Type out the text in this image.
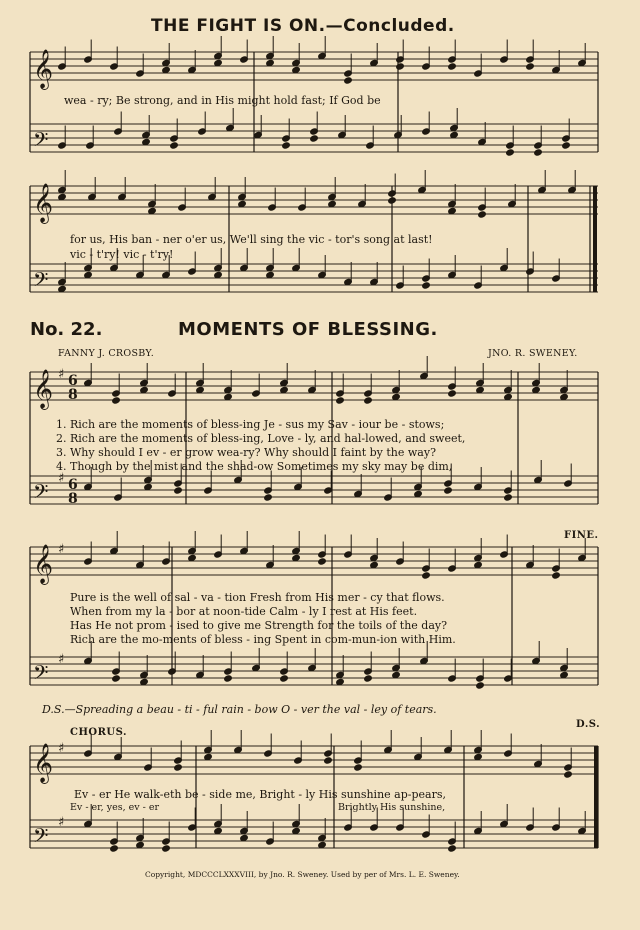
𝄞
𝄢
𝄞
𝄢
𝄞
𝄢
𝄞
𝄢
𝄞
𝄢
♯
♯
♯
♯
♯
♯
6
8
6
8
THE FIGHT IS ON.—Concluded.
wea - ry; Be strong, and in His might hold fast; If God be
for us, His ban - ner o'er us, We'll sing the vic - tor's song at last!
vic - t'ry! vic - t'ry!
No. 22.	MOMENTS OF BLESSING.
FANNY J. CROSBY.	JNO. R. SWENEY.
1. Rich are the moments of bless-ing Je - sus my Sav - iour be - stows;
2. Rich are the moments of bless-ing, Love - ly, and hal-lowed, and sweet,
3. Why should I ev - er grow wea-ry? Why should I faint by the way?
4. Though by the mist and the shad-ow Sometimes my sky may be dim,
FINE.
Pure is the well of sal - va - tion Fresh from His mer - cy that flows.
When from my la - bor at noon-tide Calm - ly I rest at His feet.
Has He not prom - ised to give me Strength for the toils of the day?
Rich are the mo-ments of bless - ing Spent in com-mun-ion with Him.
D.S.—Spreading a beau - ti - ful rain - bow O - ver the val - ley of tears.
CHORUS.
D.S.
Ev - er He walk-eth be - side me, Bright - ly His sunshine ap-pears,
Ev - er, yes, ev - er	Brightly His sunshine,
Copyright, MDCCCLXXXVIII, by Jno. R. Sweney. Used by per of Mrs. L. E. Sweney.
